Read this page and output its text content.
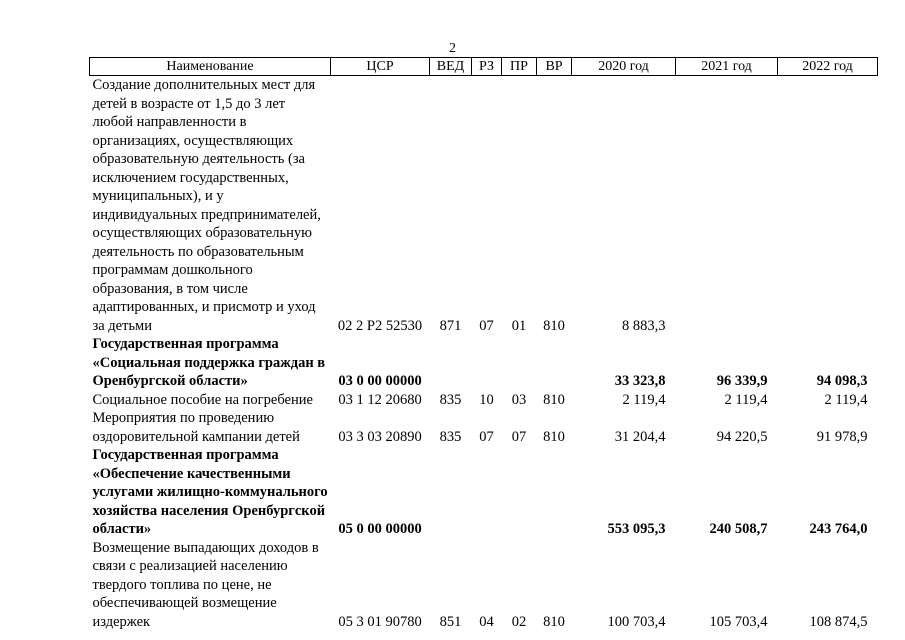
2
Наименование	ЦСР	ВЕД	РЗ	ПР	ВР	2020 год	2021 год	2022 год
Создание дополнительных мест для детей в возрасте от 1,5 до 3 лет любой направленности в организациях, осуществляющих образовательную деятельность (за исключением государственных, муниципальных), и у индивидуальных предпринимателей, осуществляющих образовательную деятельность по образовательным программам дошкольного образования, в том числе адаптированных, и присмотр и уход за детьми	02 2 P2 52530	871	07	01	810	8 883,3		
Государственная программа «Социальная поддержка граждан в Оренбургской области»	03 0 00 00000					33 323,8	96 339,9	94 098,3
Социальное пособие на погребение	03 1 12 20680	835	10	03	810	2 119,4	2 119,4	2 119,4
Мероприятия по проведению оздоровительной кампании детей	03 3 03 20890	835	07	07	810	31 204,4	94 220,5	91 978,9
Государственная программа «Обеспечение качественными услугами жилищно-коммунального хозяйства населения Оренбургской области»	05 0 00 00000					553 095,3	240 508,7	243 764,0
Возмещение выпадающих доходов в связи с реализацией населению твердого топлива по цене, не обеспечивающей возмещение издержек	05 3 01 90780	851	04	02	810	100 703,4	105 703,4	108 874,5
